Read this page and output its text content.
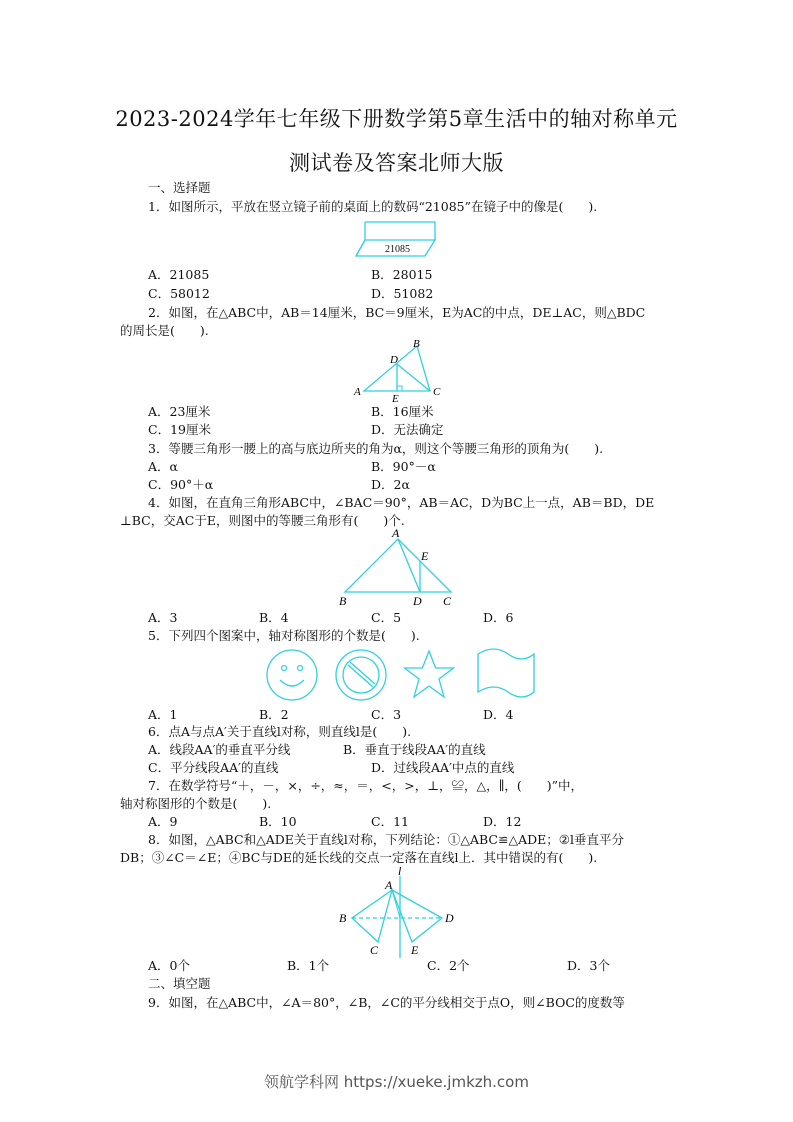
2023-2024学年七年级下册数学第5章生活中的轴对称单元
测试卷及答案北师大版
一、选择题
1．如图所示，平放在竖立镜子前的桌面上的数码“21085”在镜子中的像是(　　).
21085
A．21085	B．28015
C．58012	D．51082
2．如图，在△ABC中，AB＝14厘米，BC＝9厘米，E为AC的中点，DE⊥AC，则△BDC
的周长是(　　).
A
B
C
D
E
A．23厘米	B．16厘米
C．19厘米	D．无法确定
3．等腰三角形一腰上的高与底边所夹的角为α，则这个等腰三角形的顶角为(　　).
A．α	B．90°－α
C．90°＋α	D．2α
4．如图，在直角三角形ABC中，∠BAC＝90°，AB＝AC，D为BC上一点，AB＝BD，DE
⊥BC，交AC于E，则图中的等腰三角形有(　　)个.
A
B	C
D
E
A．3	B．4	C．5	D．6
5．下列四个图案中，轴对称图形的个数是(　　).
A．1	B．2	C．3	D．4
6．点A与点A′关于直线l对称，则直线l是(　　).
A．线段AA′的垂直平分线	B．垂直于线段AA′的直线
C．平分线段AA′的直线	D．过线段AA′中点的直线
7．在数学符号“＋，－，×，÷，≈，＝，<，>，⊥，≌，△，∥，(　　)”中，
轴对称图形的个数是(　　).
A．9	B．10	C．11	D．12
8．如图，△ABC和△ADE关于直线l对称，下列结论：①△ABC≌△ADE；②l垂直平分
DB；③∠C＝∠E；④BC与DE的延长线的交点一定落在直线l上．其中错误的有(　　).
A
B
C
D
E
l
A．0个	B．1个	C．2个	D．3个
二、填空题
9．如图，在△ABC中，∠A＝80°，∠B，∠C的平分线相交于点O，则∠BOC的度数等
领航学科网 https://xueke.jmkzh.com
